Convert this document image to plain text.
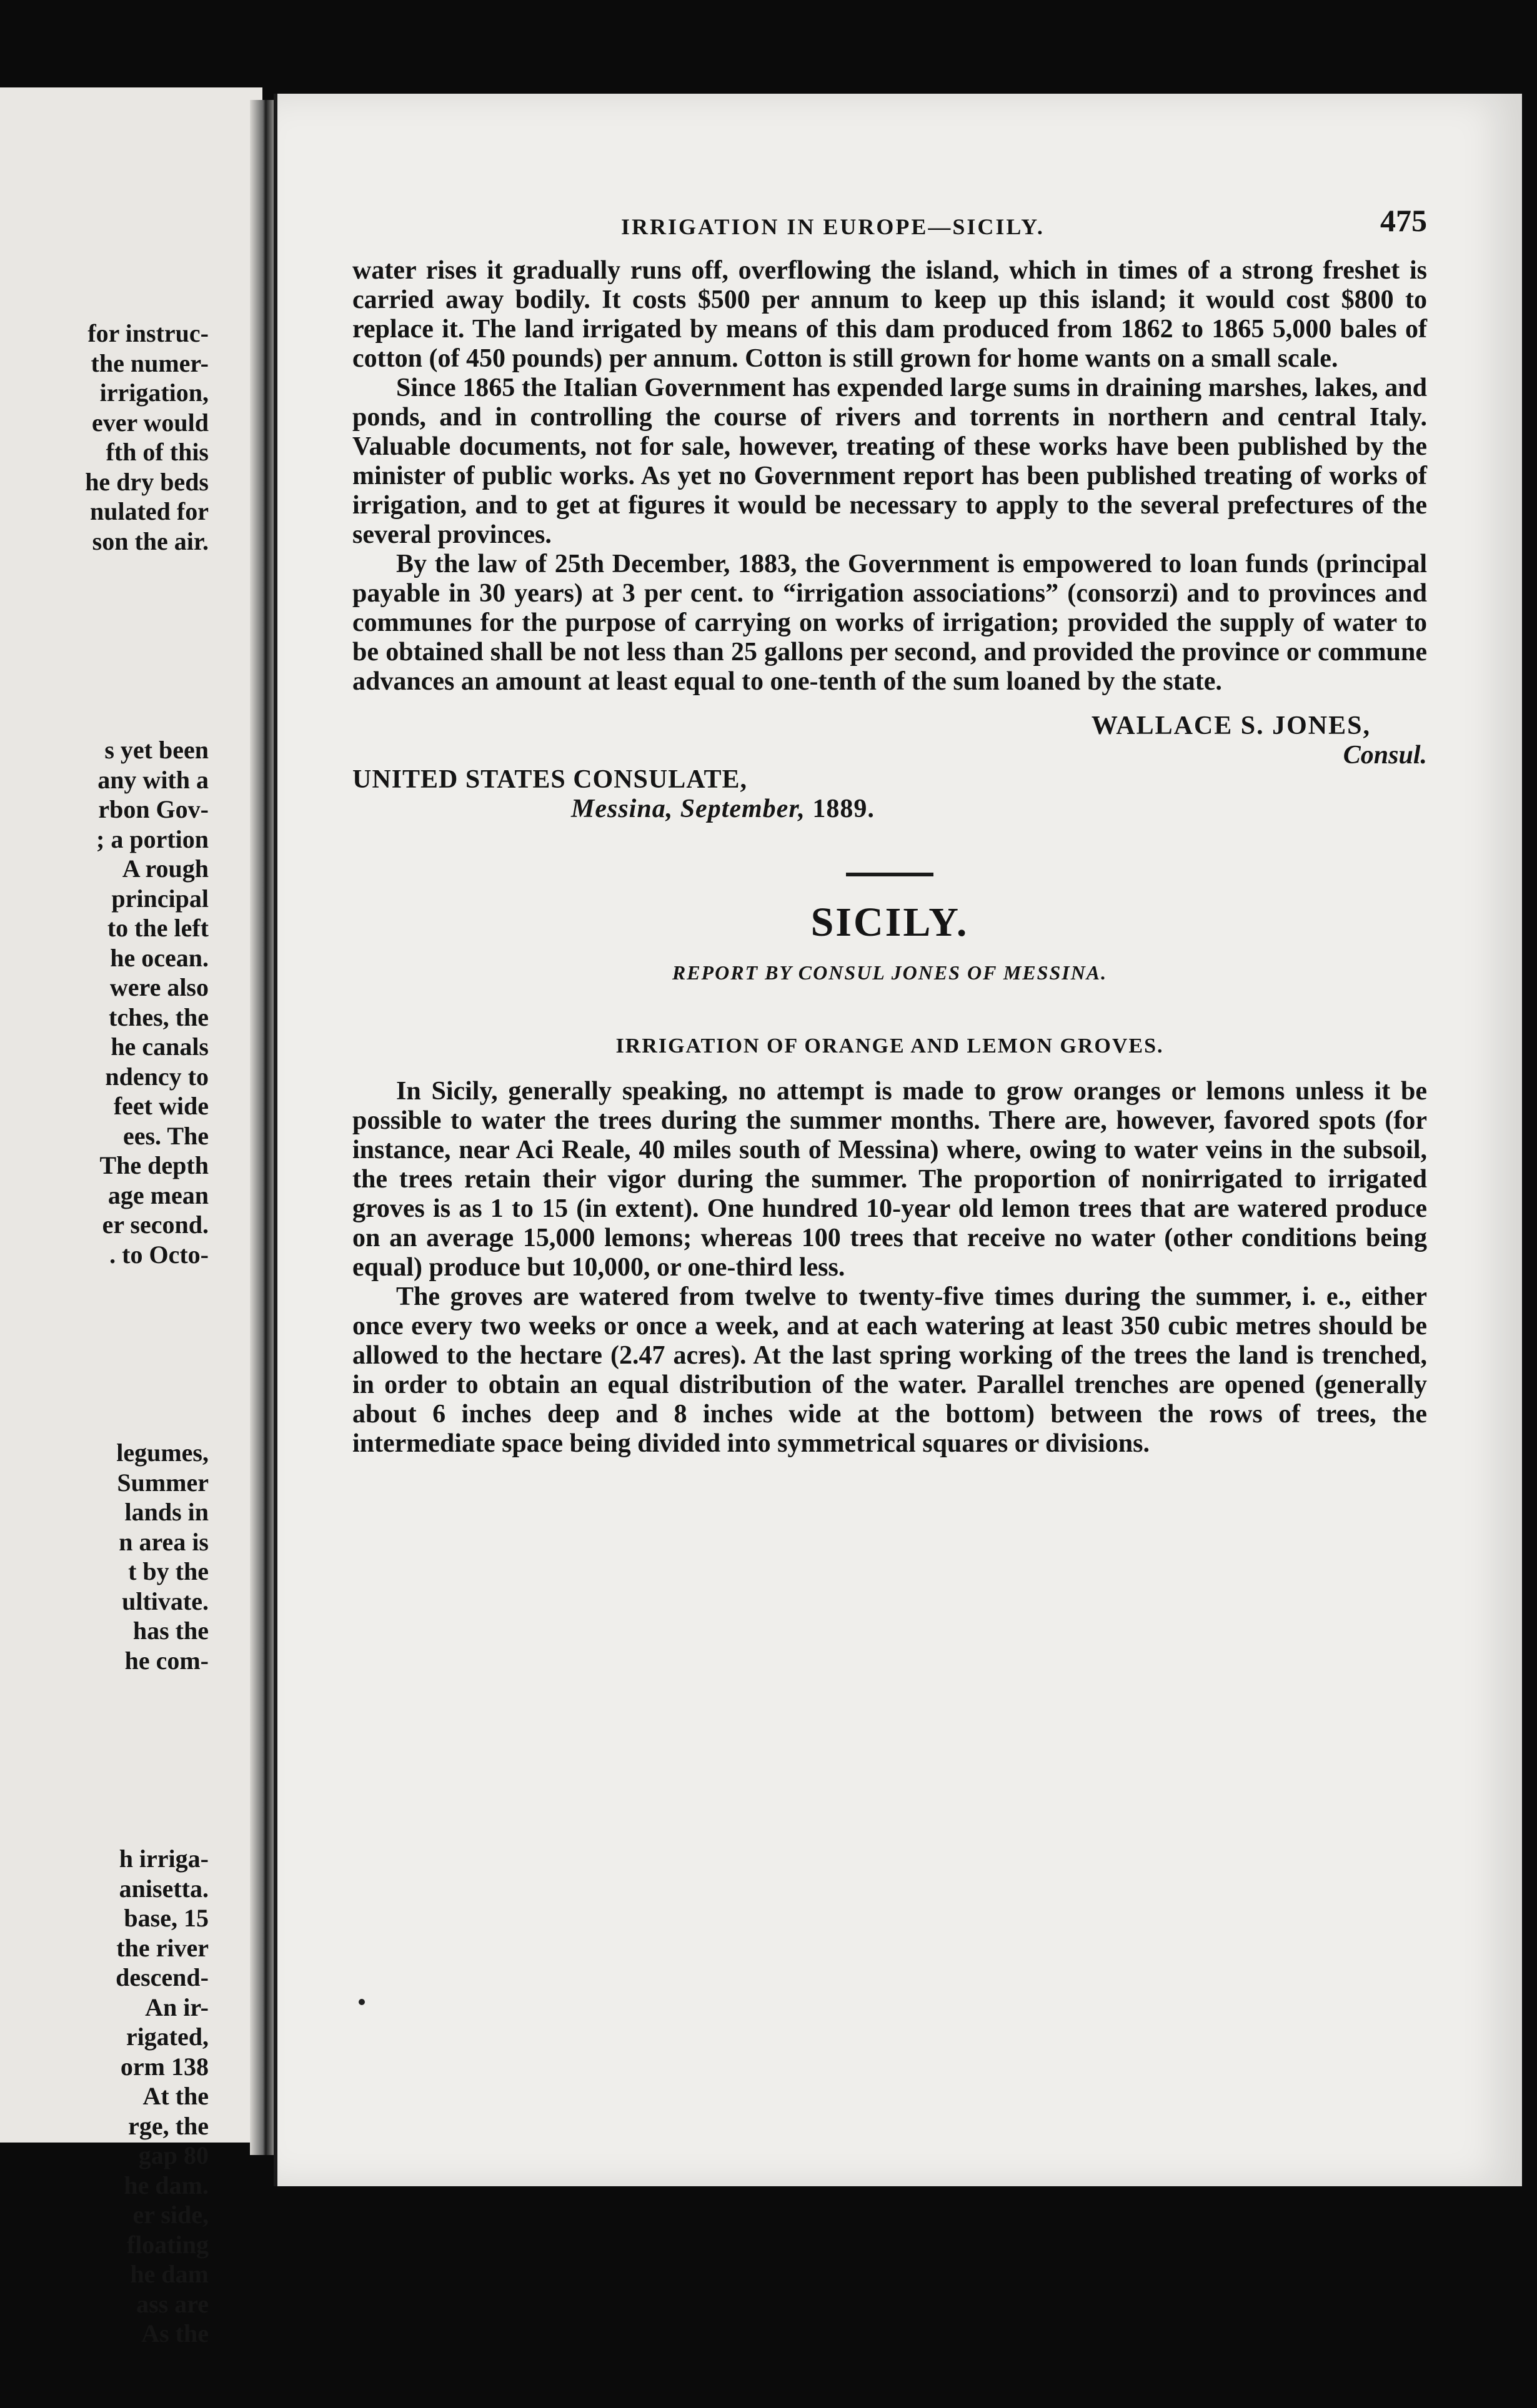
for instruc-
the numer-
irrigation,
ever would
fth of this
he dry beds
nulated for
son the air.

s yet been
any with a
rbon Gov-
; a portion
A rough
principal
to the left
he ocean.
were also
tches, the
he canals
ndency to
feet wide
ees. The
The depth
age mean
er second.
. to Octo-

legumes,
Summer
lands in
n area is
t by the
ultivate.
has the
he com-

h irriga-
anisetta.
base, 15
the river
descend-
An ir-
rigated,
orm 138
At the
rge, the
gap 80
he dam.
er side,
floating
he dam
ass are
As the

IRRIGATION IN EUROPE—SICILY.	475

water rises it gradually runs off, overflowing the island, which in times of a strong freshet is carried away bodily. It costs $500 per annum to keep up this island; it would cost $800 to replace it. The land irrigated by means of this dam produced from 1862 to 1865 5,000 bales of cotton (of 450 pounds) per annum. Cotton is still grown for home wants on a small scale.

Since 1865 the Italian Government has expended large sums in draining marshes, lakes, and ponds, and in controlling the course of rivers and torrents in northern and central Italy. Valuable documents, not for sale, however, treating of these works have been published by the minister of public works. As yet no Government report has been published treating of works of irrigation, and to get at figures it would be necessary to apply to the several prefectures of the several provinces.

By the law of 25th December, 1883, the Government is empowered to loan funds (principal payable in 30 years) at 3 per cent. to “irrigation associations” (consorzi) and to provinces and communes for the purpose of carrying on works of irrigation; provided the supply of water to be obtained shall be not less than 25 gallons per second, and provided the province or commune advances an amount at least equal to one-tenth of the sum loaned by the state.

WALLACE S. JONES,
Consul.
UNITED STATES CONSULATE,
Messina, September, 1889.
SICILY.
REPORT BY CONSUL JONES OF MESSINA.
IRRIGATION OF ORANGE AND LEMON GROVES.

In Sicily, generally speaking, no attempt is made to grow oranges or lemons unless it be possible to water the trees during the summer months. There are, however, favored spots (for instance, near Aci Reale, 40 miles south of Messina) where, owing to water veins in the subsoil, the trees retain their vigor during the summer. The proportion of nonirrigated to irrigated groves is as 1 to 15 (in extent). One hundred 10-year old lemon trees that are watered produce on an average 15,000 lemons; whereas 100 trees that receive no water (other conditions being equal) produce but 10,000, or one-third less.

The groves are watered from twelve to twenty-five times during the summer, i. e., either once every two weeks or once a week, and at each watering at least 350 cubic metres should be allowed to the hectare (2.47 acres). At the last spring working of the trees the land is trenched, in order to obtain an equal distribution of the water. Parallel trenches are opened (generally about 6 inches deep and 8 inches wide at the bottom) between the rows of trees, the intermediate space being divided into symmetrical squares or divisions.
